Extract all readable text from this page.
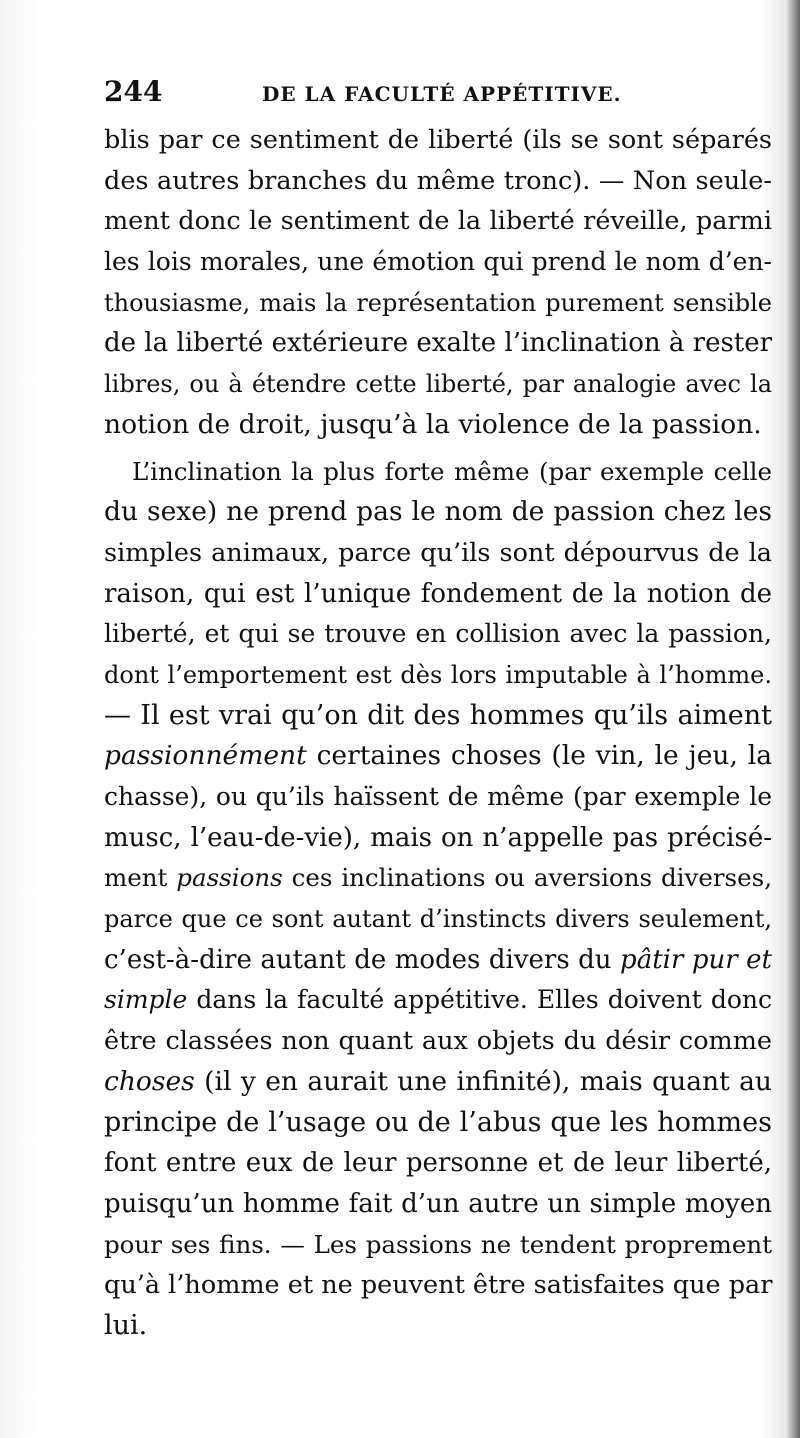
244	DE LA FACULTÉ APPÉTITIVE.
blis par ce sentiment de liberté (ils se sont séparés
des autres branches du même tronc). — Non seule-
ment donc le sentiment de la liberté réveille, parmi
les lois morales, une émotion qui prend le nom d’en-
thousiasme, mais la représentation purement sensible
de la liberté extérieure exalte l’inclination à rester
libres, ou à étendre cette liberté, par analogie avec la
notion de droit, jusqu’à la violence de la passion.
L’inclination la plus forte même (par exemple celle
du sexe) ne prend pas le nom de passion chez les
simples animaux, parce qu’ils sont dépourvus de la
raison, qui est l’unique fondement de la notion de
liberté, et qui se trouve en collision avec la passion,
dont l’emportement est dès lors imputable à l’homme.
— Il est vrai qu’on dit des hommes qu’ils aiment
passionnément certaines choses (le vin, le jeu, la
chasse), ou qu’ils haïssent de même (par exemple le
musc, l’eau-de-vie), mais on n’appelle pas précisé-
ment passions ces inclinations ou aversions diverses,
parce que ce sont autant d’instincts divers seulement,
c’est-à-dire autant de modes divers du pâtir pur et
simple dans la faculté appétitive. Elles doivent donc
être classées non quant aux objets du désir comme
choses (il y en aurait une infinité), mais quant au
principe de l’usage ou de l’abus que les hommes
font entre eux de leur personne et de leur liberté,
puisqu’un homme fait d’un autre un simple moyen
pour ses fins. — Les passions ne tendent proprement
qu’à l’homme et ne peuvent être satisfaites que par
lui.
